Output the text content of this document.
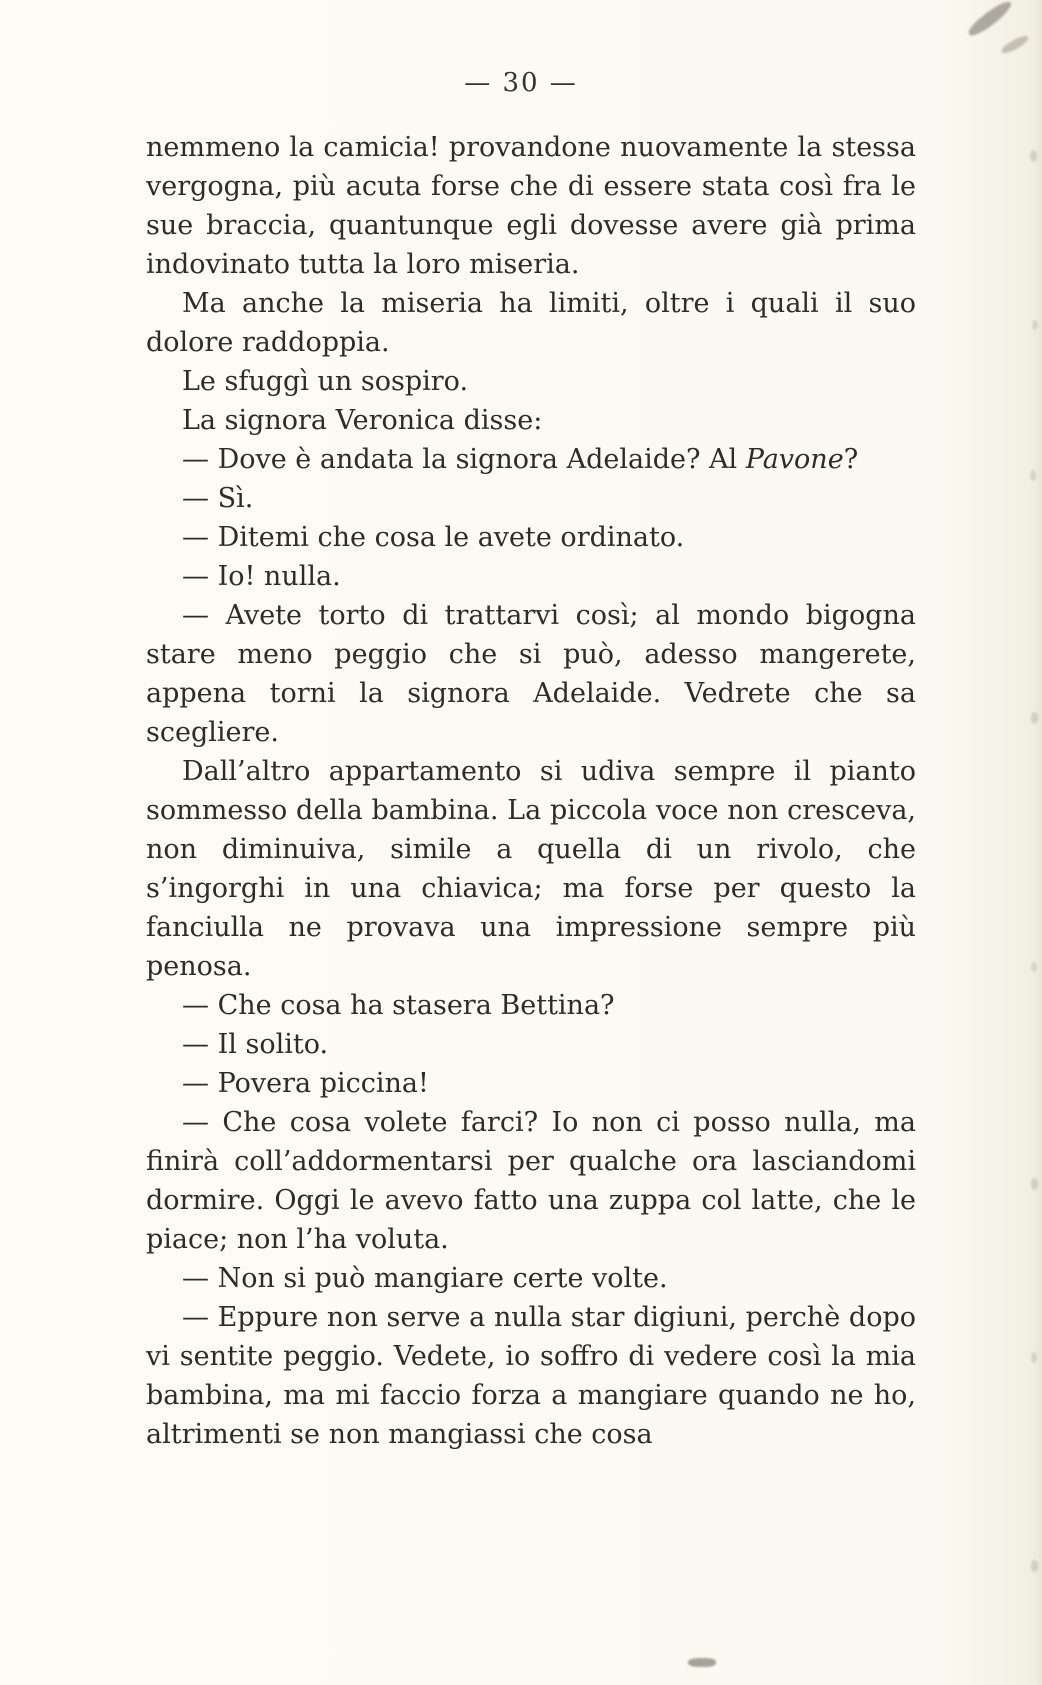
— 30 —

nemmeno la camicia! provandone nuovamente la stessa vergogna, più acuta forse che di essere stata così fra le sue braccia, quantunque egli dovesse avere già prima indovinato tutta la loro miseria.

Ma anche la miseria ha limiti, oltre i quali il suo dolore raddoppia.

Le sfuggì un sospiro.

La signora Veronica disse:

— Dove è andata la signora Adelaide? Al Pavone?

— Sì.

— Ditemi che cosa le avete ordinato.

— Io! nulla.

— Avete torto di trattarvi così; al mondo bigogna stare meno peggio che si può, adesso mangerete, appena torni la signora Adelaide. Vedrete che sa scegliere.

Dall’altro appartamento si udiva sempre il pianto sommesso della bambina. La piccola voce non cresceva, non diminuiva, simile a quella di un rivolo, che s’ingorghi in una chiavica; ma forse per questo la fanciulla ne provava una impressione sempre più penosa.

— Che cosa ha stasera Bettina?

— Il solito.

— Povera piccina!

— Che cosa volete farci? Io non ci posso nulla, ma finirà coll’addormentarsi per qualche ora lasciandomi dormire. Oggi le avevo fatto una zuppa col latte, che le piace; non l’ha voluta.

— Non si può mangiare certe volte.

— Eppure non serve a nulla star digiuni, perchè dopo vi sentite peggio. Vedete, io soffro di vedere così la mia bambina, ma mi faccio forza a mangiare quando ne ho, altrimenti se non mangiassi che cosa
